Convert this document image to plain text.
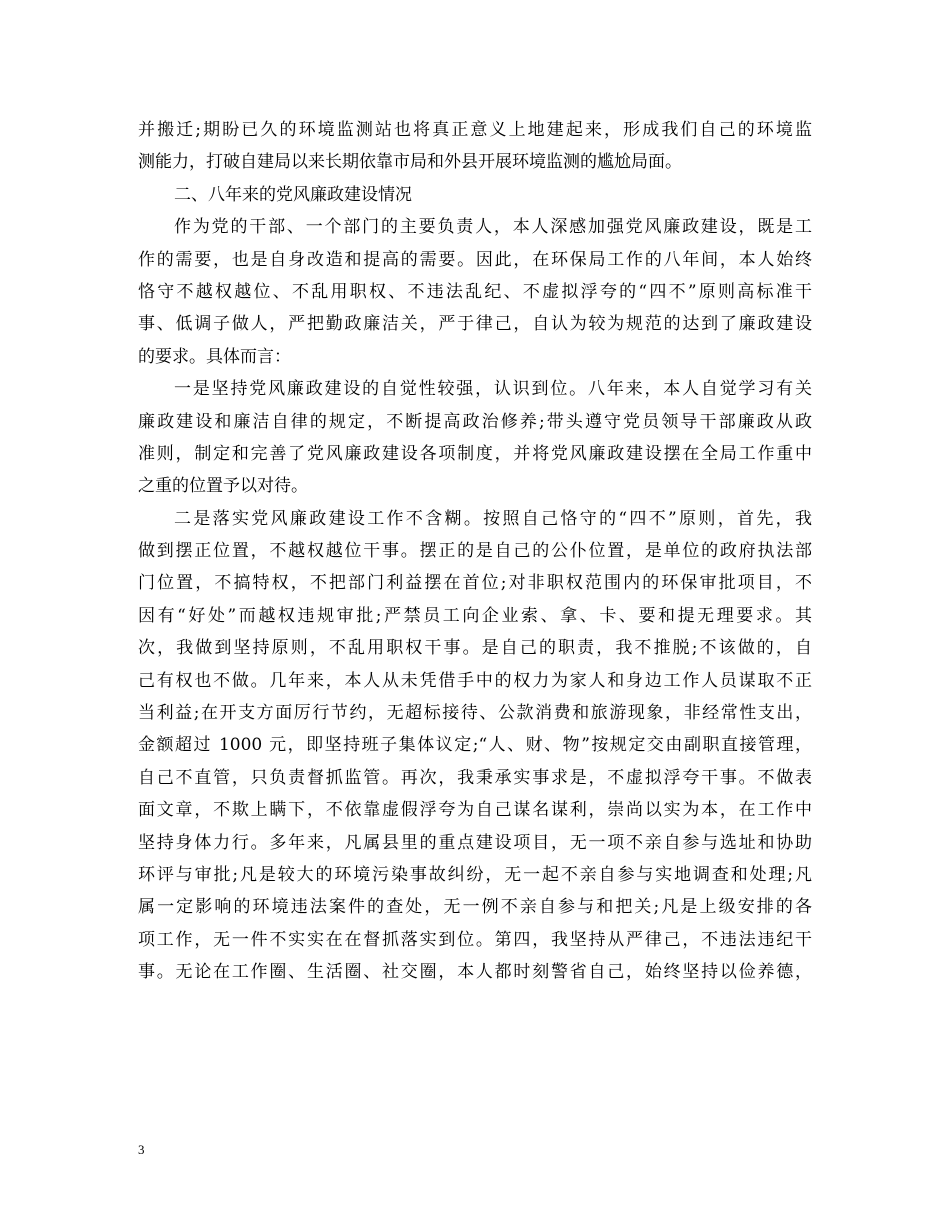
并搬迁;期盼已久的环境监测站也将真正意义上地建起来，形成我们自己的环境监
测能力，打破自建局以来长期依靠市局和外县开展环境监测的尴尬局面。
二、八年来的党风廉政建设情况
作为党的干部、一个部门的主要负责人，本人深感加强党风廉政建设，既是工
作的需要，也是自身改造和提高的需要。因此，在环保局工作的八年间，本人始终
恪守不越权越位、不乱用职权、不违法乱纪、不虚拟浮夸的“四不”原则高标准干
事、低调子做人，严把勤政廉洁关，严于律己，自认为较为规范的达到了廉政建设
的要求。具体而言：
一是坚持党风廉政建设的自觉性较强，认识到位。八年来，本人自觉学习有关
廉政建设和廉洁自律的规定，不断提高政治修养;带头遵守党员领导干部廉政从政
准则，制定和完善了党风廉政建设各项制度，并将党风廉政建设摆在全局工作重中
之重的位置予以对待。
二是落实党风廉政建设工作不含糊。按照自己恪守的“四不”原则，首先，我
做到摆正位置，不越权越位干事。摆正的是自己的公仆位置，是单位的政府执法部
门位置，不搞特权，不把部门利益摆在首位;对非职权范围内的环保审批项目，不
因有“好处”而越权违规审批;严禁员工向企业索、拿、卡、要和提无理要求。其
次，我做到坚持原则，不乱用职权干事。是自己的职责，我不推脱;不该做的，自
己有权也不做。几年来，本人从未凭借手中的权力为家人和身边工作人员谋取不正
当利益;在开支方面厉行节约，无超标接待、公款消费和旅游现象，非经常性支出，
金额超过 1000 元，即坚持班子集体议定;“人、财、物”按规定交由副职直接管理，
自己不直管，只负责督抓监管。再次，我秉承实事求是，不虚拟浮夸干事。不做表
面文章，不欺上瞒下，不依靠虚假浮夸为自己谋名谋利，崇尚以实为本，在工作中
坚持身体力行。多年来，凡属县里的重点建设项目，无一项不亲自参与选址和协助
环评与审批;凡是较大的环境污染事故纠纷，无一起不亲自参与实地调查和处理;凡
属一定影响的环境违法案件的查处，无一例不亲自参与和把关;凡是上级安排的各
项工作，无一件不实实在在督抓落实到位。第四，我坚持从严律己，不违法违纪干
事。无论在工作圈、生活圈、社交圈，本人都时刻警省自己，始终坚持以俭养德，
3
